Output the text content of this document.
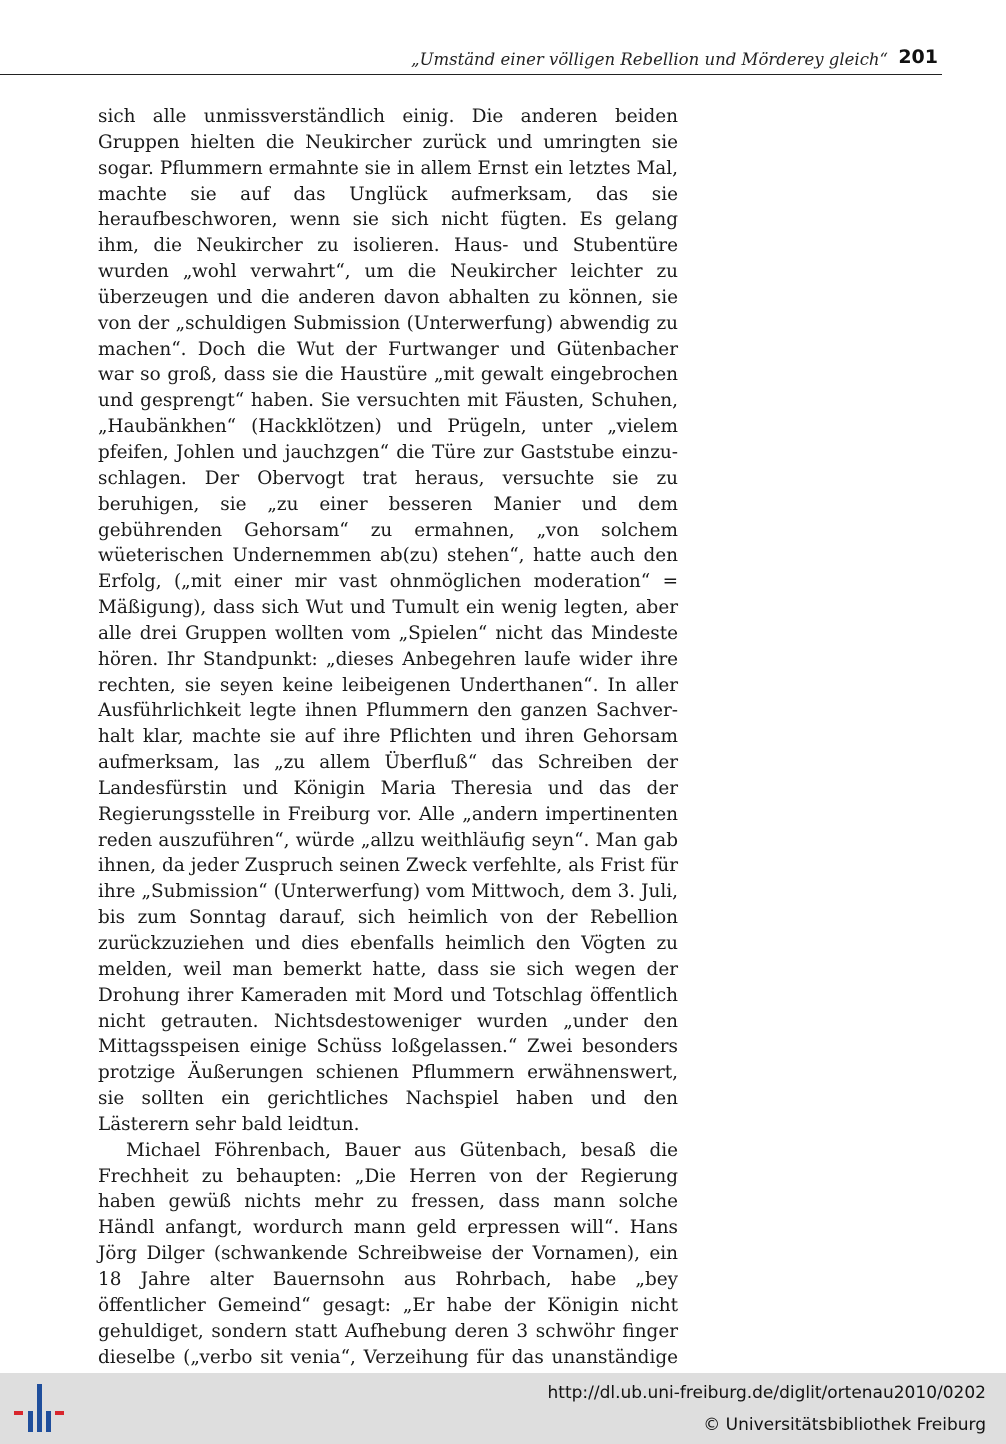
„Umständ einer völligen Rebellion und Mörderey gleich“ 201

sich alle unmissverständlich einig. Die anderen beiden Gruppen hielten die Neukircher zurück und umringten sie sogar. Pflummern ermahnte sie in allem Ernst ein letztes Mal, machte sie auf das Unglück aufmerksam, das sie heraufbeschworen, wenn sie sich nicht fügten. Es gelang ihm, die Neukircher zu isolieren. Haus- und Stubentüre wurden „wohl verwahrt“, um die Neukircher leichter zu überzeugen und die anderen davon abhalten zu können, sie von der „schuldigen Submission (Unterwerfung) abwendig zu machen“. Doch die Wut der Furtwanger und Gütenbacher war so groß, dass sie die Haustüre „mit gewalt eingebrochen und gesprengt“ haben. Sie versuchten mit Fäusten, Schuhen, „Haubänkhen“ (Hackklötzen) und Prügeln, unter „vielem pfeifen, Johlen und jauchzgen“ die Türe zur Gaststube einzuschlagen. Der Obervogt trat heraus, versuchte sie zu beruhigen, sie „zu einer besseren Manier und dem gebührenden Gehorsam“ zu ermahnen, „von solchem wüeterischen Undernemmen ab(zu) stehen“, hatte auch den Erfolg, („mit einer mir vast ohnmöglichen moderation“ = Mäßigung), dass sich Wut und Tumult ein wenig legten, aber alle drei Gruppen wollten vom „Spielen“ nicht das Mindeste hören. Ihr Standpunkt: „dieses Anbegehren laufe wider ihre rechten, sie seyen keine leibeigenen Underthanen“. In aller Ausführlichkeit legte ihnen Pflummern den ganzen Sachverhalt klar, machte sie auf ihre Pflichten und ihren Gehorsam aufmerksam, las „zu allem Überfluß“ das Schreiben der Landesfürstin und Königin Maria Theresia und das der Regierungsstelle in Freiburg vor. Alle „andern impertinenten reden auszuführen“, würde „allzu weithläufig seyn“. Man gab ihnen, da jeder Zuspruch seinen Zweck verfehlte, als Frist für ihre „Submission“ (Unterwerfung) vom Mittwoch, dem 3. Juli, bis zum Sonntag darauf, sich heimlich von der Rebellion zurückzuziehen und dies ebenfalls heimlich den Vögten zu melden, weil man bemerkt hatte, dass sie sich wegen der Drohung ihrer Kameraden mit Mord und Totschlag öffentlich nicht getrauten. Nichtsdestoweniger wurden „under den Mittagsspeisen einige Schüss loßgelassen.“ Zwei besonders protzige Äußerungen schienen Pflummern erwähnenswert, sie sollten ein gerichtliches Nachspiel haben und den Lästerern sehr bald leidtun.

Michael Föhrenbach, Bauer aus Gütenbach, besaß die Frechheit zu behaupten: „Die Herren von der Regierung haben gewüß nichts mehr zu fressen, dass mann solche Händl anfangt, wordurch mann geld erpressen will“. Hans Jörg Dilger (schwankende Schreibweise der Vornamen), ein 18 Jahre alter Bauernsohn aus Rohrbach, habe „bey öffentlicher Gemeind“ gesagt: „Er habe der Königin nicht gehuldiget, sondern statt Aufhebung deren 3 schwöhr finger dieselbe („verbo sit venia“, Verzeihung für das unanständige

http://dl.ub.uni-freiburg.de/diglit/ortenau2010/0202
© Universitätsbibliothek Freiburg
